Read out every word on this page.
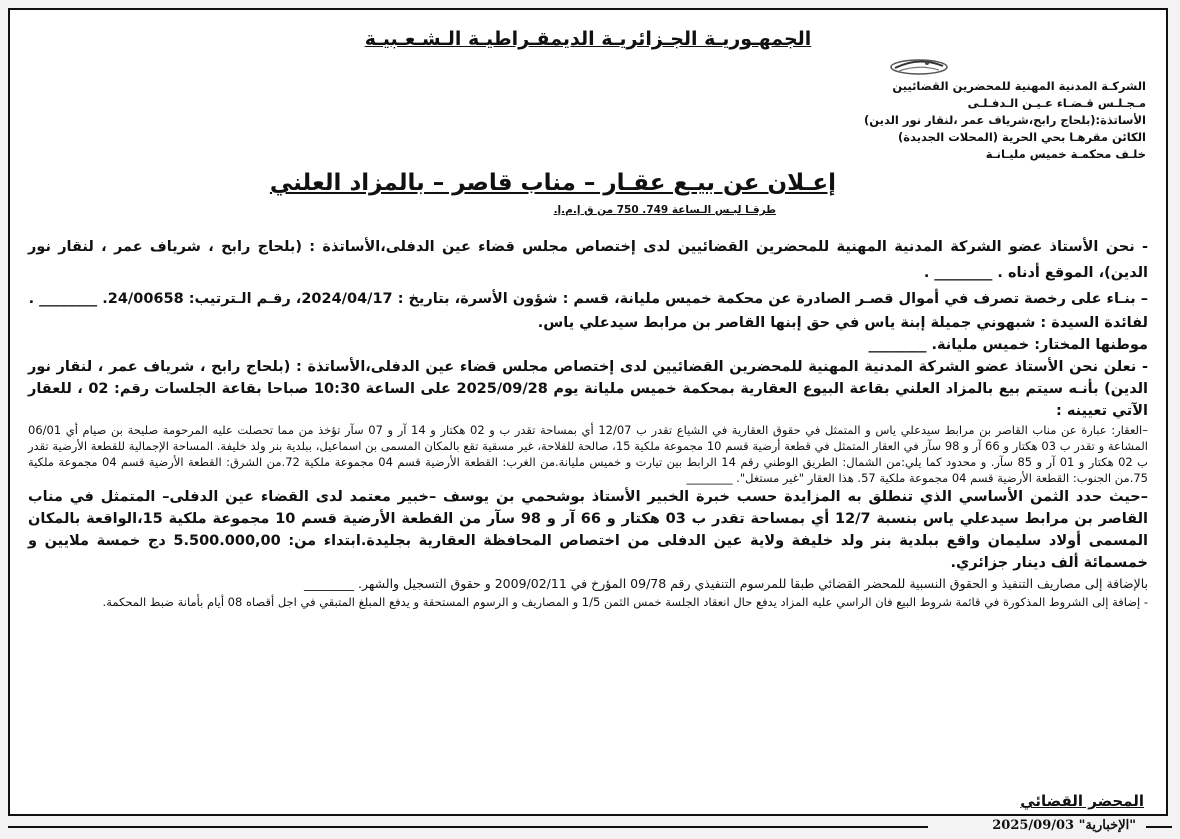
الجمهـوريـة الجـزائريـة الديمقـراطيـة الـشـعـبيـة
الشركـة المدنية المهنية للمحضرين القضائيين
مـجـلـس قـضـاء عـيـن الـدفـلـى
الأساتذة:(بلحاج رابح،شرياف عمر ،لنقار نور الدين)
الكائن مقرهـا بحي الحرية (المحلات الجديدة)
خلـف محكمـة خميس مليـانـة
إعـلان عن بيـع عقـار – مناب قاصر – بالمزاد العلني
طرقـا لبـس الـساعة 749. 750 من ق إ.م.إ.

- نحن الأستاذ عضو الشركة المدنية المهنية للمحضرين القضائيين لدى إختصاص مجلس قضاء عين الدفلى،الأساتذة : (بلحاج رابح ، شرياف عمر ، لنقار نور الدين)، الموقع أدناه . ________ .

– بنـاء على رخصة تصرف في أموال قصـر الصادرة عن محكمة خميس مليانة، قسم : شؤون الأسرة، بتاريخ : 2024/04/17، رقـم الـترتيب: 24/00658. ________ .

لفائدة السيدة : شبهوني جميلة إبنة ياس في حق إبنها القاصر بن مرابط سيدعلي ياس.

موطنها المختار: خميس مليانة. ________

- نعلن نحن الأستاذ عضو الشركة المدنية المهنية للمحضرين القضائيين لدى إختصاص مجلس قضاء عين الدفلى،الأساتذة : (بلحاج رابح ، شرياف عمر ، لنقار نور الدين) بأنـه سيتم بيع بالمزاد العلني بقاعة البيوع العقارية بمحكمة خميس مليانة يوم 2025/09/28 على الساعة 10:30 صباحا بقاعة الجلسات رقم: 02 ، للعقار الآتي تعيينه :

–العقار: عبارة عن مناب القاصر بن مرابط سيدعلي ياس و المتمثل في حقوق العقارية في الشياع تقدر ب 12/07 أي بمساحة تقدر ب و 02 هكتار و 14 آر و 07 سآر تؤخذ من مما تحصلت عليه المرحومة صليحة بن صيام أي 06/01 المشاعة و تقدر ب 03 هكتار و 66 آر و 98 سآر في العقار المتمثل في قطعة أرضية قسم 10 مجموعة ملكية 15، صالحة للفلاحة، غير مسقية تقع بالمكان المسمى بن اسماعيل، ببلدية بنر ولد خليفة. المساحة الإجمالية للقطعة الأرضية تقدر ب 02 هكتار و 01 آر و 85 سآر. و محدود كما يلي:من الشمال: الطريق الوطني رقم 14 الرابط بين تيارت و خميس مليانة.من الغرب: القطعة الأرضية قسم 04 مجموعة ملكية 72.من الشرق: القطعة الأرضية قسم 04 مجموعة ملكية 75.من الجنوب: القطعة الأرضية قسم 04 مجموعة ملكية 57. هذا العقار "غير مستغل". ________

–حيث حدد الثمن الأساسي الذي تنطلق به المزايدة حسب خبرة الخبير الأستاذ بوشحمي بن يوسف –خبير معتمد لدى القضاء عين الدفلى– المتمثل في مناب القاصر بن مرابط سيدعلي ياس بنسبة 12/7 أي بمساحة تقدر ب 03 هكتار و 66 آر و 98 سآر من القطعة الأرضية قسم 10 مجموعة ملكية 15،الواقعة بالمكان المسمى أولاد سليمان واقع ببلدية بنر ولد خليفة ولاية عين الدفلى من اختصاص المحافظة العقارية بجليدة.ابتداء من: 5.500.000,00 دج خمسة ملايين و خمسمائة ألف دينار جزائري.

بالإضافة إلى مصاريف التنفيذ و الحقوق النسبية للمحضر القضائي طبقا للمرسوم التنفيذي رقم 09/78 المؤرخ في 2009/02/11 و حقوق التسجيل والشهر. ________

- إضافة إلى الشروط المذكورة في قائمة شروط البيع فان الراسي عليه المزاد يدفع حال انعقاد الجلسة خمس الثمن 1/5 و المصاريف و الرسوم المستحقة و يدفع المبلغ المتبقي في اجل أقصاه 08 أيام بأمانة ضبط المحكمة.

المحضر القضائي
2025/09/03 "الإخبارية"
